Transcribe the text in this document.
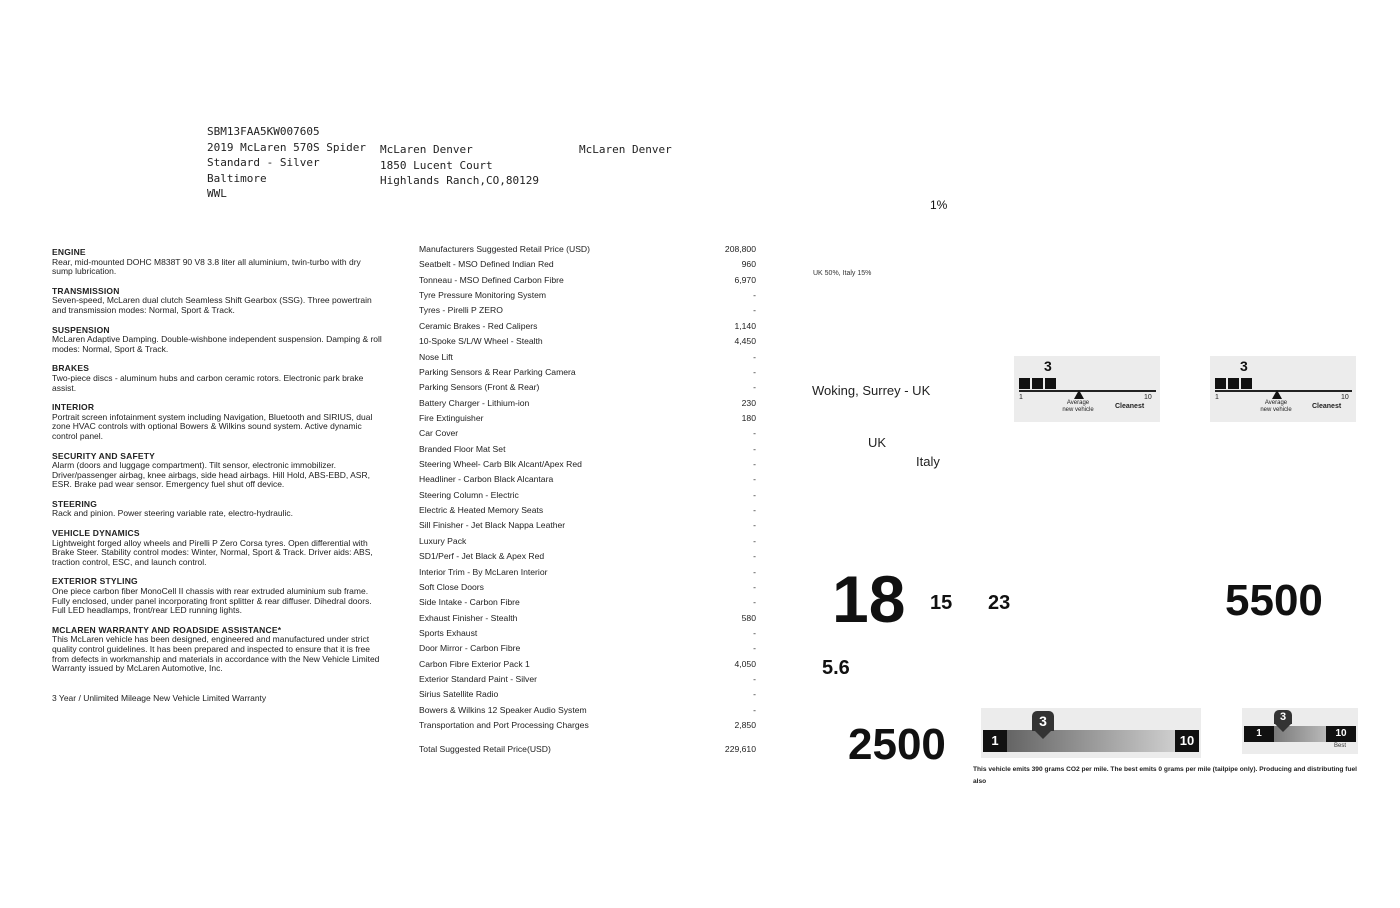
SBM13FAA5KW007605
2019 McLaren 570S Spider
Standard - Silver
Baltimore
WWL
McLaren Denver
1850 Lucent Court
Highlands Ranch,CO,80129
McLaren Denver
ENGINE
Rear, mid-mounted DOHC M838T 90 V8 3.8 liter all aluminium, twin-turbo with dry sump lubrication.
TRANSMISSION
Seven-speed, McLaren dual clutch Seamless Shift Gearbox (SSG). Three powertrain and transmission modes: Normal, Sport & Track.
SUSPENSION
McLaren Adaptive Damping. Double-wishbone independent suspension. Damping & roll modes: Normal, Sport & Track.
BRAKES
Two-piece discs - aluminum hubs and carbon ceramic rotors. Electronic park brake assist.
INTERIOR
Portrait screen infotainment system including Navigation, Bluetooth and SIRIUS, dual zone HVAC controls with optional Bowers & Wilkins sound system. Active dynamic control panel.
SECURITY AND SAFETY
Alarm (doors and luggage compartment). Tilt sensor, electronic immobilizer. Driver/passenger airbag, knee airbags, side head airbags. Hill Hold, ABS-EBD, ASR, ESR. Brake pad wear sensor. Emergency fuel shut off device.
STEERING
Rack and pinion. Power steering variable rate, electro-hydraulic.
VEHICLE DYNAMICS
Lightweight forged alloy wheels and Pirelli P Zero Corsa tyres. Open differential with Brake Steer. Stability control modes: Winter, Normal, Sport & Track. Driver aids: ABS, traction control, ESC, and launch control.
EXTERIOR STYLING
One piece carbon fiber MonoCell II chassis with rear extruded aluminium sub frame. Fully enclosed, under panel incorporating front splitter & rear diffuser. Dihedral doors. Full LED headlamps, front/rear LED running lights.
MCLAREN WARRANTY AND ROADSIDE ASSISTANCE*
This McLaren vehicle has been designed, engineered and manufactured under strict quality control guidelines. It has been prepared and inspected to ensure that it is free from defects in workmanship and materials in accordance with the New Vehicle Limited Warranty issued by McLaren Automotive, Inc.
3 Year / Unlimited Mileage New Vehicle Limited Warranty
Manufacturers Suggested Retail Price (USD)	208,800
Seatbelt - MSO Defined Indian Red	960
Tonneau - MSO Defined Carbon Fibre	6,970
Tyre Pressure Monitoring System	-
Tyres - Pirelli P ZERO	-
Ceramic Brakes - Red Calipers	1,140
10-Spoke S/L/W Wheel - Stealth	4,450
Nose Lift	-
Parking Sensors & Rear Parking Camera	-
Parking Sensors (Front & Rear)	-
Battery Charger - Lithium-ion	230
Fire Extinguisher	180
Car Cover	-
Branded Floor Mat Set	-
Steering Wheel- Carb Blk Alcant/Apex Red	-
Headliner - Carbon Black Alcantara	-
Steering Column - Electric	-
Electric & Heated Memory Seats	-
Sill Finisher - Jet Black Nappa Leather	-
Luxury Pack	-
SD1/Perf - Jet Black & Apex Red	-
Interior Trim - By McLaren Interior	-
Soft Close Doors	-
Side Intake - Carbon Fibre	-
Exhaust Finisher - Stealth	580
Sports Exhaust	-
Door Mirror - Carbon Fibre	-
Carbon Fibre Exterior Pack 1	4,050
Exterior Standard Paint - Silver	-
Sirius Satellite Radio	-
Bowers & Wilkins 12 Speaker Audio System	-
Transportation and Port Processing Charges	2,850
Total Suggested Retail Price(USD)	229,610
1%
UK 50%, Italy 15%
Woking, Surrey - UK
UK
Italy
3
1	10
Average
new vehicle	Cleanest
3
1	10
Average
new vehicle	Cleanest
18 15 23	5500
5.6
2500	1	10
3
1	10
3
Best
This vehicle emits 390 grams CO2 per mile. The best emits 0 grams per mile (tailpipe only). Producing and distributing fuel also
